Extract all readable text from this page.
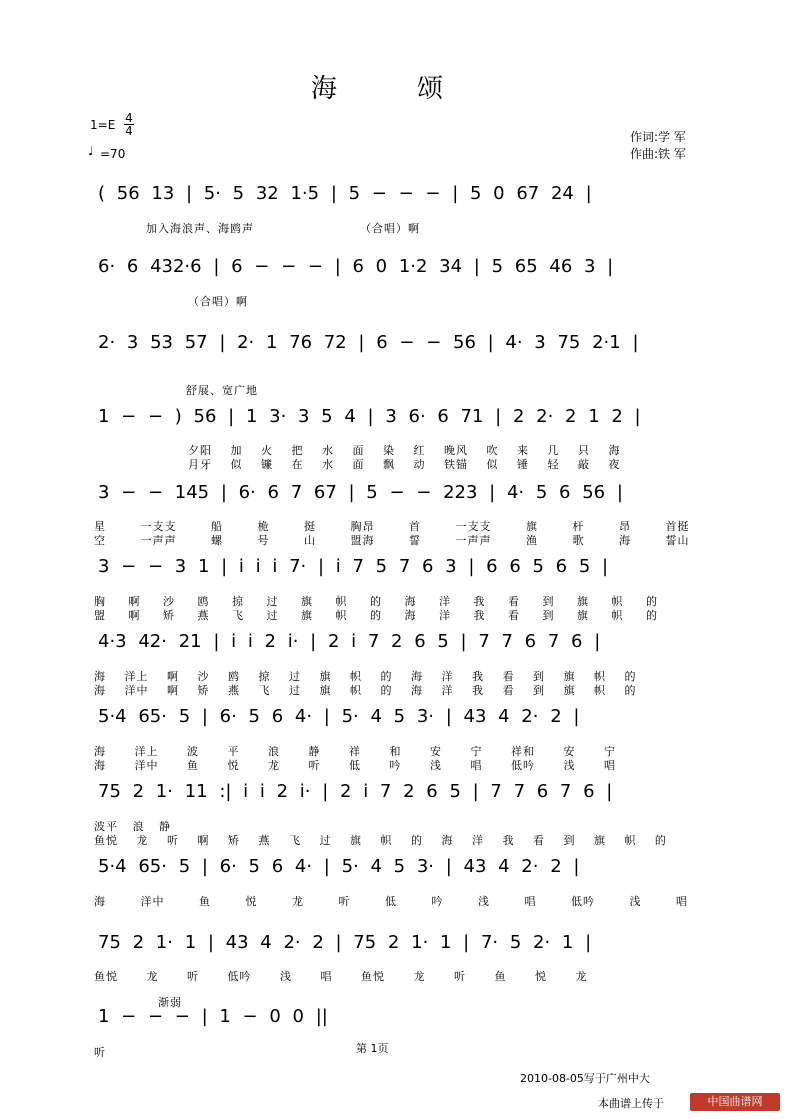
海 颂
1=E 4
4
♩ =70
作词:学 军
作曲:铁 军
( 56 13 | 5· 5 32 1·5 | 5 − − − | 5 0 67 24 |
加入海浪声、海鸥声	（合唱）啊
6· 6 432·6 | 6 − − − | 6 0 1·2 34 | 5 65 46 3 |
（合唱）啊
2· 3 53 57 | 2· 1 76 72 | 6 − − 56 | 4· 3 75 2·1 |
舒展、宽广地
1 − − ) 56 | 1 3· 3 5 4 | 3 6· 6 71 | 2 2· 2 1 2 |
夕阳 加 火 把 水 面 染 红 晚风 吹 来 几 只 海
月牙 似 镰 在 水 面 飘 动 铁锚 似 锤 轻 敲 夜
3 − − 145 | 6· 6 7 67 | 5 − − 223 | 4· 5 6 56 |
星 一支支 船 桅 挺 胸昂 首 一支支 旗 杆 昂 首挺
空 一声声 螺 号 山 盟海 誓 一声声 渔 歌 海 誓山
3 − − 3 1 | i i i 7· | i 7 5 7 6 3 | 6 6 5 6 5 |
胸 啊 沙 鸥 掠 过 旗 帜 的 海 洋 我 看 到 旗 帜 的
盟 啊 矫 燕 飞 过 旗 帜 的 海 洋 我 看 到 旗 帜 的
4·3 42· 21 | i i 2 i· | 2 i 7 2 6 5 | 7 7 6 7 6 |
海 洋上 啊 沙 鸥 掠 过 旗 帜 的 海 洋 我 看 到 旗 帜 的
海 洋中 啊 矫 燕 飞 过 旗 帜 的 海 洋 我 看 到 旗 帜 的
5·4 65· 5 | 6· 5 6 4· | 5· 4 5 3· | 43 4 2· 2 |
海 洋上 波 平 浪 静 祥 和 安 宁 祥和 安 宁
海 洋中 鱼 悦 龙 听 低 吟 浅 唱 低吟 浅 唱
75 2 1· 11 :| i i 2 i· | 2 i 7 2 6 5 | 7 7 6 7 6 |
波平 浪 静
鱼悦 龙 听 啊 矫 燕 飞 过 旗 帜 的 海 洋 我 看 到 旗 帜 的
5·4 65· 5 | 6· 5 6 4· | 5· 4 5 3· | 43 4 2· 2 |
海 洋中 鱼 悦 龙 听 低 吟 浅 唱 低吟 浅 唱
75 2 1· 1 | 43 4 2· 2 | 75 2 1· 1 | 7· 5 2· 1 |
鱼悦 龙 听 低吟 浅 唱 鱼悦 龙 听 鱼 悦 龙
渐弱
1 − − − | 1 − 0 0 ||
听	第 1页
2010-08-05写于广州中大
本曲谱上传于	中国曲谱网
